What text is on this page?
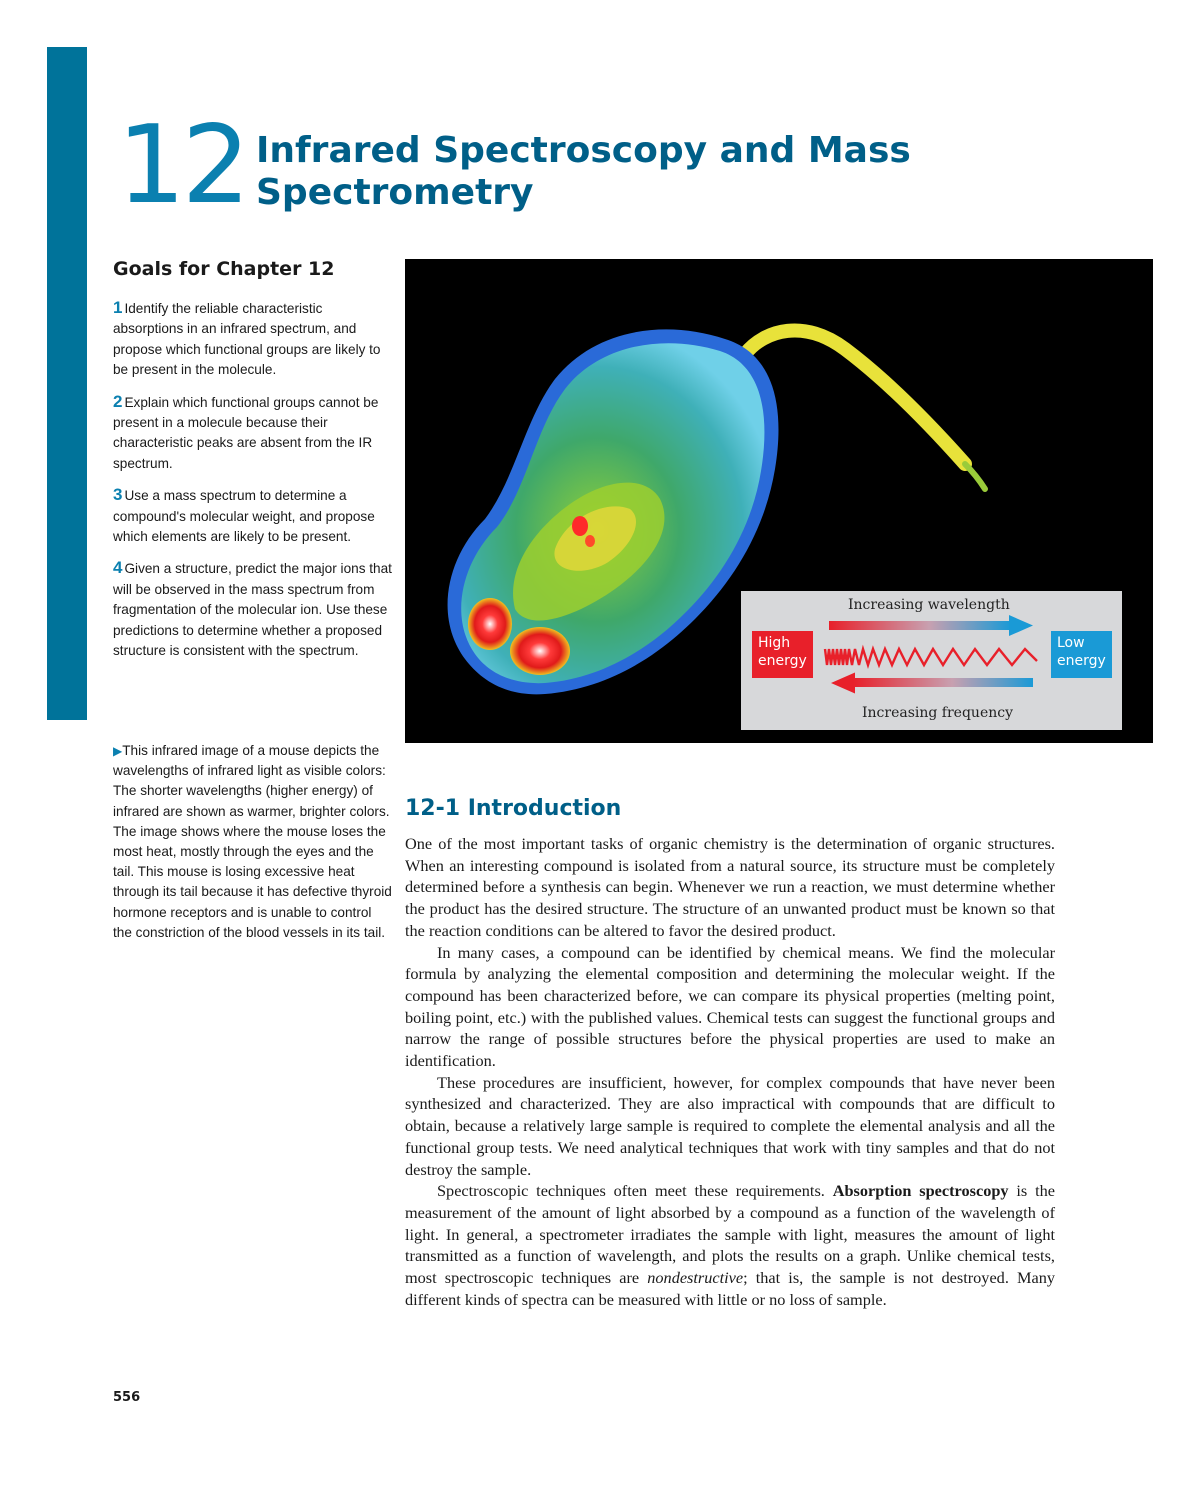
12 Infrared Spectroscopy and Mass Spectrometry
Goals for Chapter 12
1 Identify the reliable characteristic absorptions in an infrared spectrum, and propose which functional groups are likely to be present in the molecule.
2 Explain which functional groups cannot be present in a molecule because their characteristic peaks are absent from the IR spectrum.
3 Use a mass spectrum to determine a compound's molecular weight, and propose which elements are likely to be present.
4 Given a structure, predict the major ions that will be observed in the mass spectrum from fragmentation of the molecular ion. Use these predictions to determine whether a proposed structure is consistent with the spectrum.
▶This infrared image of a mouse depicts the wavelengths of infrared light as visible colors: The shorter wavelengths (higher energy) of infrared are shown as warmer, brighter colors. The image shows where the mouse loses the most heat, mostly through the eyes and the tail. This mouse is losing excessive heat through its tail because it has defective thyroid hormone receptors and is unable to control the constriction of the blood vessels in its tail.
Increasing wavelength
High
energy
Low
energy
Increasing frequency
12-1 Introduction

One of the most important tasks of organic chemistry is the determination of organic structures. When an interesting compound is isolated from a natural source, its structure must be completely determined before a synthesis can begin. Whenever we run a reaction, we must determine whether the product has the desired structure. The structure of an unwanted product must be known so that the reaction conditions can be altered to favor the desired product.

In many cases, a compound can be identified by chemical means. We find the molecular formula by analyzing the elemental composition and determining the molecular weight. If the compound has been characterized before, we can compare its physical properties (melting point, boiling point, etc.) with the published values. Chemical tests can suggest the functional groups and narrow the range of possible structures before the physical properties are used to make an identification.

These procedures are insufficient, however, for complex compounds that have never been synthesized and characterized. They are also impractical with compounds that are difficult to obtain, because a relatively large sample is required to complete the elemental analysis and all the functional group tests. We need analytical techniques that work with tiny samples and that do not destroy the sample.

Spectroscopic techniques often meet these requirements. Absorption spectroscopy is the measurement of the amount of light absorbed by a compound as a function of the wavelength of light. In general, a spectrometer irradiates the sample with light, measures the amount of light transmitted as a function of wavelength, and plots the results on a graph. Unlike chemical tests, most spectroscopic techniques are nondestructive; that is, the sample is not destroyed. Many different kinds of spectra can be measured with little or no loss of sample.

556
